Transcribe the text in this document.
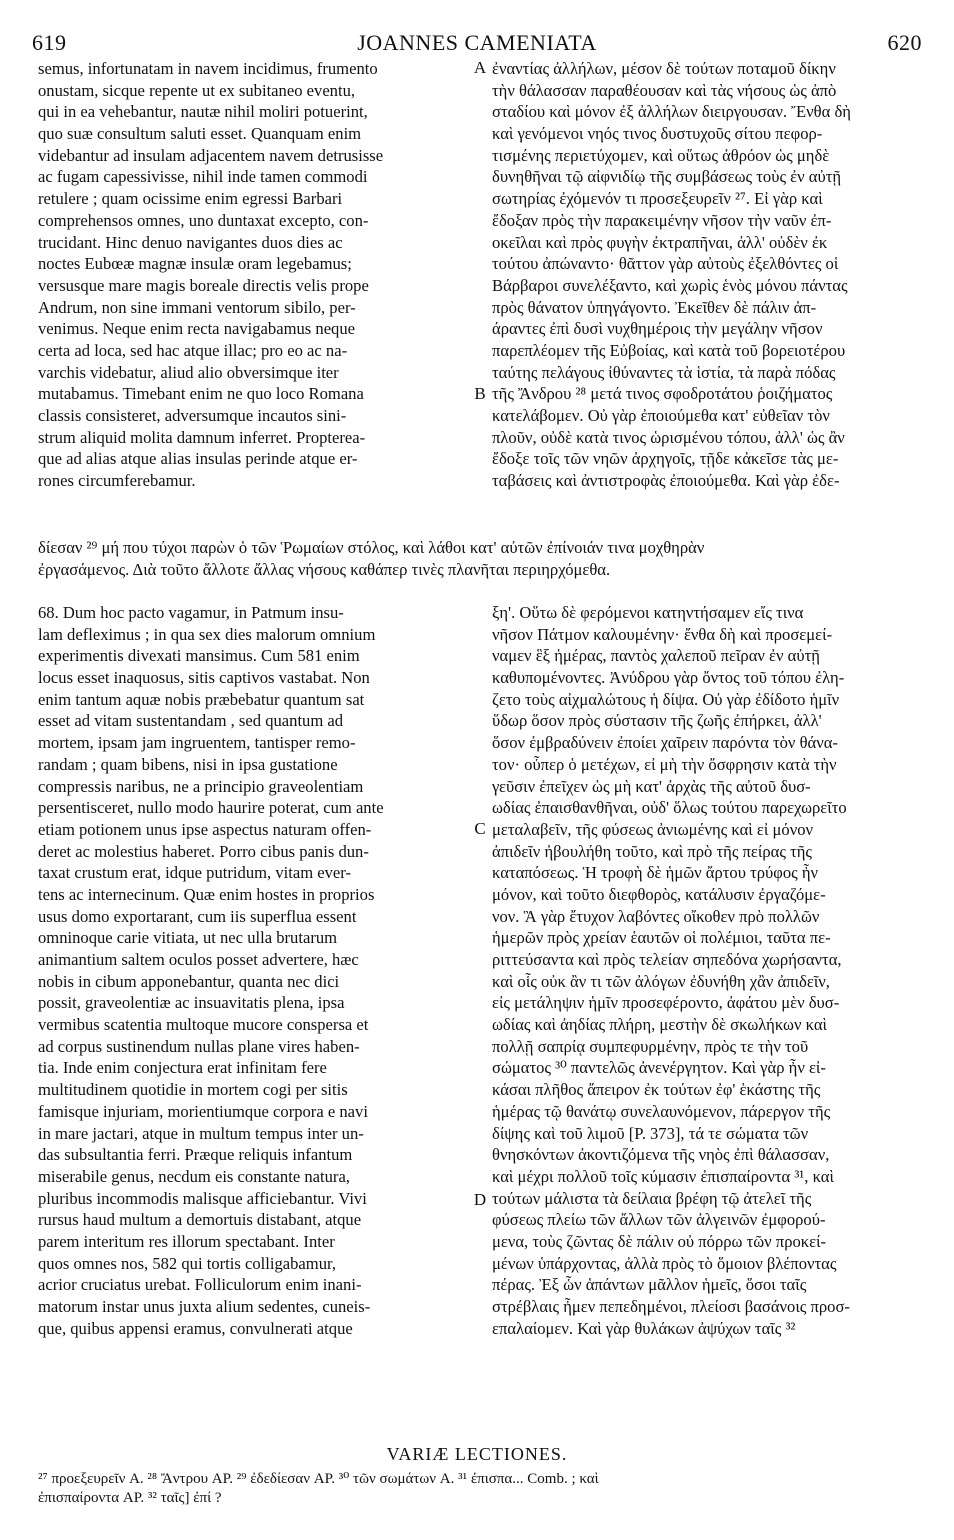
619	JOANNES CAMENIATA	620
semus, infortunatam in navem incidimus, frumento
onustam, sicque repente ut ex subitaneo eventu,
qui in ea vehebantur, nautæ nihil moliri potuerint,
quo suæ consultum saluti esset. Quanquam enim
videbantur ad insulam adjacentem navem detrusisse
ac fugam capessivisse, nihil inde tamen commodi
retulere ; quam ocissime enim egressi Barbari
comprehensos omnes, uno duntaxat excepto, con-
trucidant. Hinc denuo navigantes duos dies ac
noctes Eubœæ magnæ insulæ oram legebamus;
versusque mare magis boreale directis velis prope
Andrum, non sine immani ventorum sibilo, per-
venimus. Neque enim recta navigabamus neque
certa ad loca, sed hac atque illac; pro eo ac na-
varchis videbatur, aliud alio obversimque iter
mutabamus. Timebant enim ne quo loco Romana
classis consisteret, adversumque incautos sini-
strum aliquid molita damnum inferret. Proptereа-
que ad alias atque alias insulas perinde atque er-
rones circumferebamur.
ἐναντίας ἀλλήλων, μέσον δὲ τούτων ποταμοῦ δίκην
τὴν θάλασσαν παραθέουσαν καὶ τὰς νήσους ὡς ἀπὸ
σταδίου καὶ μόνον ἐξ ἀλλήλων διειργουσαν. Ἔνθα δὴ
καὶ γενόμενοι νηός τινος δυστυχοῦς σίτου πεφορ-
τισμένης περιετύχομεν, καὶ οὕτως ἀθρόον ὡς μηδὲ
δυνηθῆναι τῷ αἰφνιδίῳ τῆς συμβάσεως τοὺς ἐν αὐτῇ
σωτηρίας ἐχόμενόν τι προσεξευρεῖν ²⁷. Εἰ γὰρ καὶ
ἔδοξαν πρὸς τὴν παρακειμένην νῆσον τὴν ναῦν ἐπ-
οκεῖλαι καὶ πρὸς φυγὴν ἐκτραπῆναι, ἀλλ' οὐδὲν ἐκ
τούτου ἀπώναντο· θᾶττον γὰρ αὐτοὺς ἐξελθόντες οἱ
Βάρβαροι συνελέξαντο, καὶ χωρὶς ἑνὸς μόνου πάντας
πρὸς θάνατον ὑπηγάγοντο. Ἐκεῖθεν δὲ πάλιν ἀπ-
άραντες ἐπὶ δυσὶ νυχθημέροις τὴν μεγάλην νῆσον
παρεπλέομεν τῆς Εὐβοίας, καὶ κατὰ τοῦ βορειοτέρου
ταύτης πελάγους ἰθύναντες τὰ ἱστία, τὰ παρὰ πόδας
τῆς Ἄνδρου ²⁸ μετά τινος σφοδροτάτου ῥοιζήματος
κατελάβομεν. Οὐ γὰρ ἐποιούμεθα κατ' εὐθεῖαν τὸν
πλοῦν, οὐδὲ κατὰ τινος ὡρισμένου τόπου, ἀλλ' ὡς ἂν
ἔδοξε τοῖς τῶν νηῶν ἀρχηγοῖς, τῇδε κἀκεῖσε τὰς με-
ταβάσεις καὶ ἀντιστροφὰς ἐποιούμεθα. Καὶ γὰρ ἐδε-
δίεσαν ²⁹ μή που τύχοι παρὼν ὁ τῶν Ῥωμαίων στόλος, καὶ λάθοι κατ' αὐτῶν ἐπίνοιάν τινα μοχθηρὰν
ἐργασάμενος. Διὰ τοῦτο ἄλλοτε ἄλλας νήσους καθάπερ τινὲς πλανῆται περιηρχόμεθα.
68. Dum hoc pacto vagamur, in Patmum insu-
lam deflеximus ; in qua sex dies malorum omnium
experimentis divexati mansimus. Cum 581 enim
locus esset inaquosus, sitis captivos vastabat. Non
enim tantum aquæ nobis præbebatur quantum sat
esset ad vitam sustentandam , sed quantum ad
mortem, ipsam jam ingruentem, tantisper remo-
randam ; quam bibens, nisi in ipsa gustatione
compressis naribus, ne a principio graveolentiam
persentisceret, nullo modo haurire poterat, cum ante
etiam potionem unus ipse aspectus naturam offen-
deret ac molestius haberet. Porro cibus panis dun-
taxat crustum erat, idque putridum, vitam ever-
tens ac internecinum. Quæ enim hostes in proprios
usus domo exportarant, cum iis superflua essent
omninoque carie vitiata, ut nec ulla brutarum
animantium saltem oculos posset advertere, hæc
nobis in cibum apponebantur, quanta nec dici
possit, graveolentiæ ac insuavitatis plena, ipsa
vermibus scatentia multoque mucore conspersa et
ad corpus sustinendum nullas plane vires haben-
tia. Inde enim conjectura erat infinitam fere
multitudinem quotidie in mortem cogi per sitis
famisque injuriam, morientiumque corpora e navi
in mare jactari, atque in multum tempus inter un-
das subsultantia ferri. Præque reliquis infantum
miserabile genus, necdum eis constante natura,
pluribus incommodis malisque afficiebantur. Vivi
rursus haud multum a demortuis distabant, atque
parem interitum res illorum spectabant. Inter
quos omnes nos, 582 qui tortis colligabamur,
acrior cruciatus urebat. Folliculorum enim inani-
matorum instar unus juxta alium sedentes, cuneis-
que, quibus appensi eramus, convulnerati atque
ξη'. Οὕτω δὲ φερόμενοι κατηντήσαμεν εἴς τινα
νῆσον Πάτμον καλουμένην· ἔνθα δὴ καὶ προσεμεί-
ναμεν ἓξ ἡμέρας, παντὸς χαλεποῦ πεῖραν ἐν αὐτῇ
καθυπομένοντες. Ἀνύδρου γὰρ ὄντος τοῦ τόπου ἐλη-
ζετο τοὺς αἰχμαλώτους ἡ δίψα. Οὐ γὰρ ἐδίδοτο ἡμῖν
ὕδωρ ὅσον πρὸς σύστασιν τῆς ζωῆς ἐπήρκει, ἀλλ'
ὅσον ἐμβραδύνειν ἐποίει χαῖρειν παρόντα τὸν θάνα-
τον· οὗπερ ὁ μετέχων, εἰ μὴ τὴν ὄσφρησιν κατὰ τὴν
γεῦσιν ἐπεῖχεν ὡς μὴ κατ' ἀρχὰς τῆς αὐτοῦ δυσ-
ωδίας ἐπαισθανθῆναι, οὐδ' ὅλως τούτου παρεχωρεῖτο
μεταλαβεῖν, τῆς φύσεως ἀνιωμένης καὶ εἰ μόνον
ἀπιδεῖν ἠβουλήθη τοῦτο, καὶ πρὸ τῆς πείρας τῆς
καταπόσεως. Ἡ τροφὴ δὲ ἡμῶν ἄρτου τρύφος ἦν
μόνον, καὶ τοῦτο διεφθορὸς, κατάλυσιν ἐργαζόμε-
νον. Ἃ γὰρ ἔτυχον λαβόντες οἴκοθεν πρὸ πολλῶν
ἡμερῶν πρὸς χρείαν ἑαυτῶν οἱ πολέμιοι, ταῦτα πε-
ριττεύσαντα καὶ πρὸς τελείαν σηπεδόνα χωρήσαντα,
καὶ οἷς οὐκ ἂν τι τῶν ἀλόγων ἐδυνήθη χἂν ἀπιδεῖν,
εἰς μετάληψιν ἡμῖν προσεφέροντο, ἀφάτου μὲν δυσ-
ωδίας καὶ ἀηδίας πλήρη, μεστὴν δὲ σκωλήκων καὶ
πολλῇ σαπρίᾳ συμπεφυρμένην, πρὸς τε τὴν τοῦ
σώματος ³⁰ παντελῶς ἀνενέργητον. Καὶ γὰρ ἦν εἰ-
κάσαι πλῆθος ἄπειρον ἐκ τούτων ἐφ' ἑκάστης τῆς
ἡμέρας τῷ θανάτῳ συνελαυνόμενον, πάρεργον τῆς
δίψης καὶ τοῦ λιμοῦ [P. 373], τά τε σώματα τῶν
θνησκόντων ἀκοντιζόμενα τῆς νηὸς ἐπὶ θάλασσαν,
καὶ μέχρι πολλοῦ τοῖς κύμασιν ἐπισπαίροντα ³¹, καὶ
τούτων μάλιστα τὰ δείλαια βρέφη τῷ ἀτελεῖ τῆς
φύσεως πλείω τῶν ἄλλων τῶν ἀλγεινῶν ἐμφορού-
μενα, τοὺς ζῶντας δὲ πάλιν οὐ πόρρω τῶν προκεί-
μένων ὑπάρχοντας, ἀλλὰ πρὸς τὸ ὅμοιον βλέποντας
πέρας. Ἐξ ὧν ἁπάντων μᾶλλον ἡμεῖς, ὅσοι ταῖς
στρέβλαις ἦμεν πεπεδημένοι, πλείοσι βασάνοις προσ-
επαλαίομεν. Καὶ γὰρ θυλάκων ἀψύχων ταῖς ³²
A
B
C
D
VARIÆ LECTIONES.
²⁷ προεξευρεῖν A. ²⁸ Ἄντρου AP. ²⁹ ἐδεδίεσαν AP. ³⁰ τῶν σωμάτων A. ³¹ ἐπισπα... Comb. ; καὶ
ἐπισπαίροντα AP. ³² ταῖς] ἐπί ?
